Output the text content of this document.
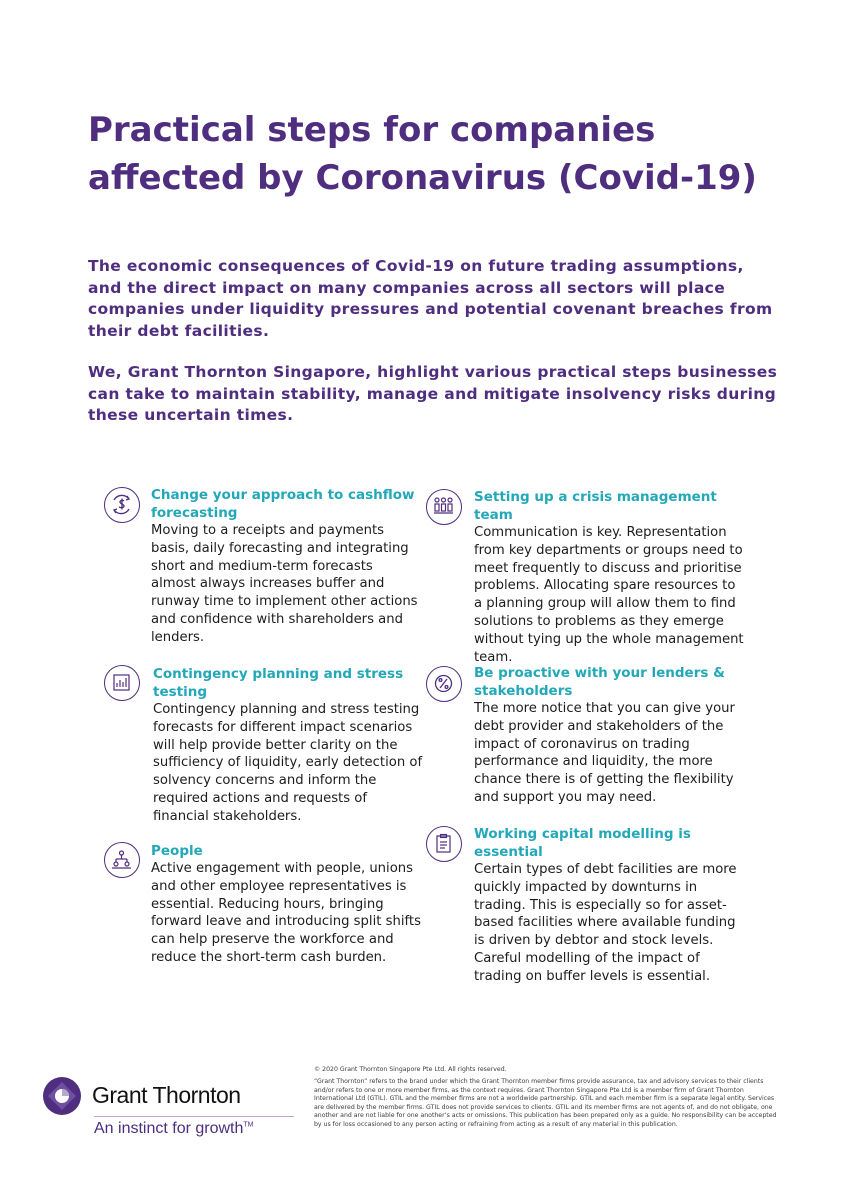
Practical steps for companies affected by Coronavirus (Covid-19)

The economic consequences of Covid-19 on future trading assumptions, and the direct impact on many companies across all sectors will place companies under liquidity pressures and potential covenant breaches from their debt facilities.

We, Grant Thornton Singapore, highlight various practical steps businesses can take to maintain stability, manage and mitigate insolvency risks during these uncertain times.

Change your approach to cashflow forecasting

Moving to a receipts and payments basis, daily forecasting and integrating short and medium-term forecasts almost always increases buffer and runway time to implement other actions and confidence with shareholders and lenders.

Setting up a crisis management team

Communication is key. Representation from key departments or groups need to meet frequently to discuss and prioritise problems. Allocating spare resources to a planning group will allow them to find solutions to problems as they emerge without tying up the whole management team.

Contingency planning and stress testing

Contingency planning and stress testing forecasts for different impact scenarios will help provide better clarity on the sufficiency of liquidity, early detection of solvency concerns and inform the required actions and requests of financial stakeholders.

Be proactive with your lenders & stakeholders

The more notice that you can give your debt provider and stakeholders of the impact of coronavirus on trading performance and liquidity, the more chance there is of getting the flexibility and support you may need.

People

Active engagement with people, unions and other employee representatives is essential. Reducing hours, bringing forward leave and introducing split shifts can help preserve the workforce and reduce the short-term cash burden.

Working capital modelling is essential

Certain types of debt facilities are more quickly impacted by downturns in trading. This is especially so for asset-based facilities where available funding is driven by debtor and stock levels. Careful modelling of the impact of trading on buffer levels is essential.

Grant Thornton
An instinct for growth™

© 2020 Grant Thornton Singapore Pte Ltd. All rights reserved.

“Grant Thornton” refers to the brand under which the Grant Thornton member firms provide assurance, tax and advisory services to their clients and/or refers to one or more member firms, as the context requires. Grant Thornton Singapore Pte Ltd is a member firm of Grant Thornton International Ltd (GTIL). GTIL and the member firms are not a worldwide partnership. GTIL and each member firm is a separate legal entity. Services are delivered by the member firms. GTIL does not provide services to clients. GTIL and its member firms are not agents of, and do not obligate, one another and are not liable for one another’s acts or omissions. This publication has been prepared only as a guide. No responsibility can be accepted by us for loss occasioned to any person acting or refraining from acting as a result of any material in this publication.
